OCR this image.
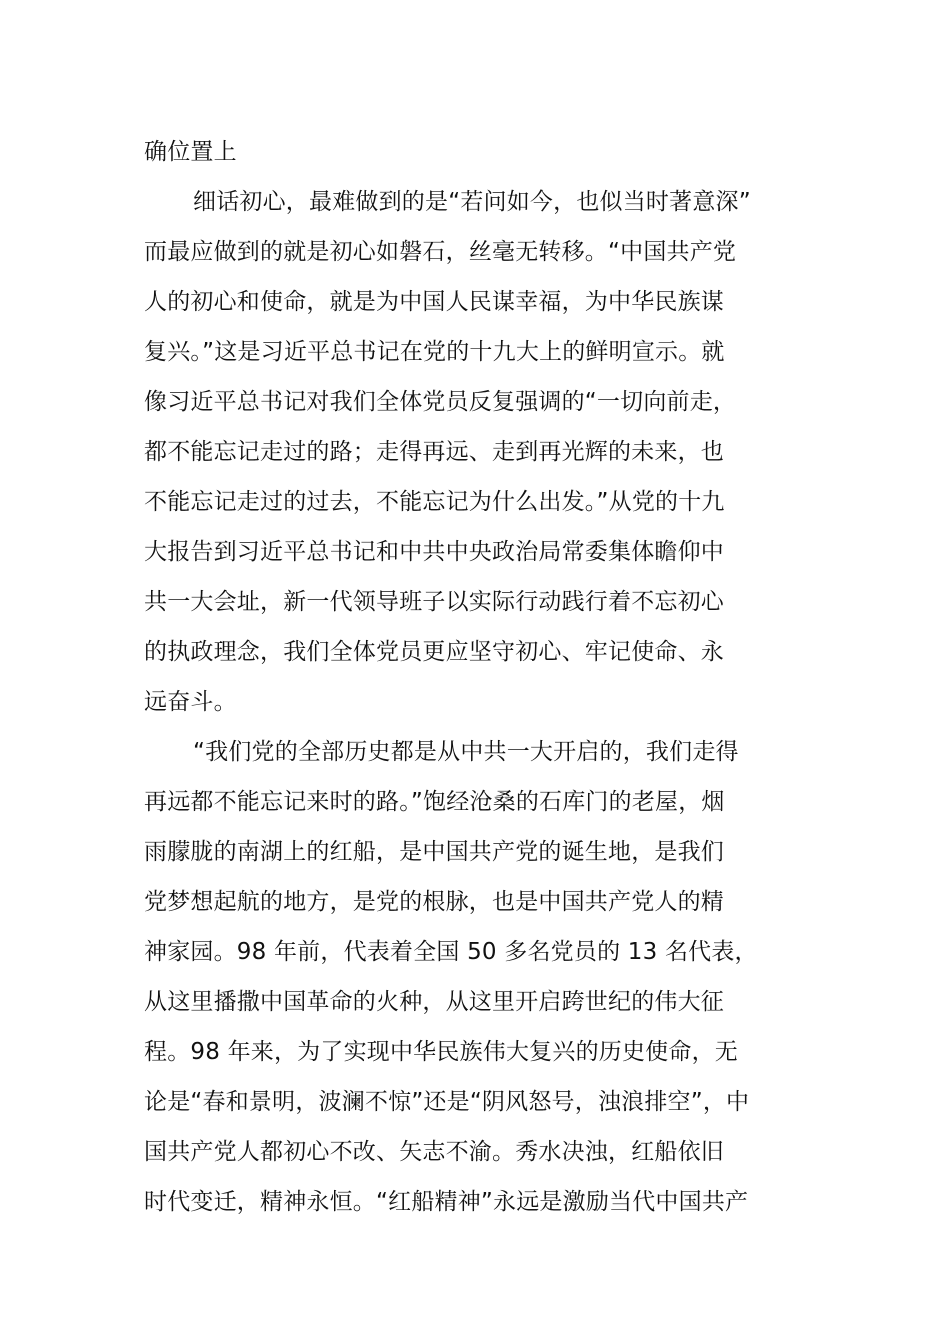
确位置上
细话初心，最难做到的是“若问如今，也似当时著意深”
而最应做到的就是初心如磐石，丝毫无转移。“中国共产党
人的初心和使命，就是为中国人民谋幸福，为中华民族谋
复兴。”这是习近平总书记在党的十九大上的鲜明宣示。就
像习近平总书记对我们全体党员反复强调的“一切向前走，
都不能忘记走过的路；走得再远、走到再光辉的未来，也
不能忘记走过的过去，不能忘记为什么出发。”从党的十九
大报告到习近平总书记和中共中央政治局常委集体瞻仰中
共一大会址，新一代领导班子以实际行动践行着不忘初心
的执政理念，我们全体党员更应坚守初心、牢记使命、永
远奋斗。
“我们党的全部历史都是从中共一大开启的，我们走得
再远都不能忘记来时的路。”饱经沧桑的石库门的老屋，烟
雨朦胧的南湖上的红船，是中国共产党的诞生地，是我们
党梦想起航的地方，是党的根脉，也是中国共产党人的精
神家园。98 年前，代表着全国 50 多名党员的 13 名代表，
从这里播撒中国革命的火种，从这里开启跨世纪的伟大征
程。98 年来，为了实现中华民族伟大复兴的历史使命，无
论是“春和景明，波澜不惊”还是“阴风怒号，浊浪排空”，中
国共产党人都初心不改、矢志不渝。秀水决浊，红船依旧
时代变迁，精神永恒。“红船精神”永远是激励当代中国共产
